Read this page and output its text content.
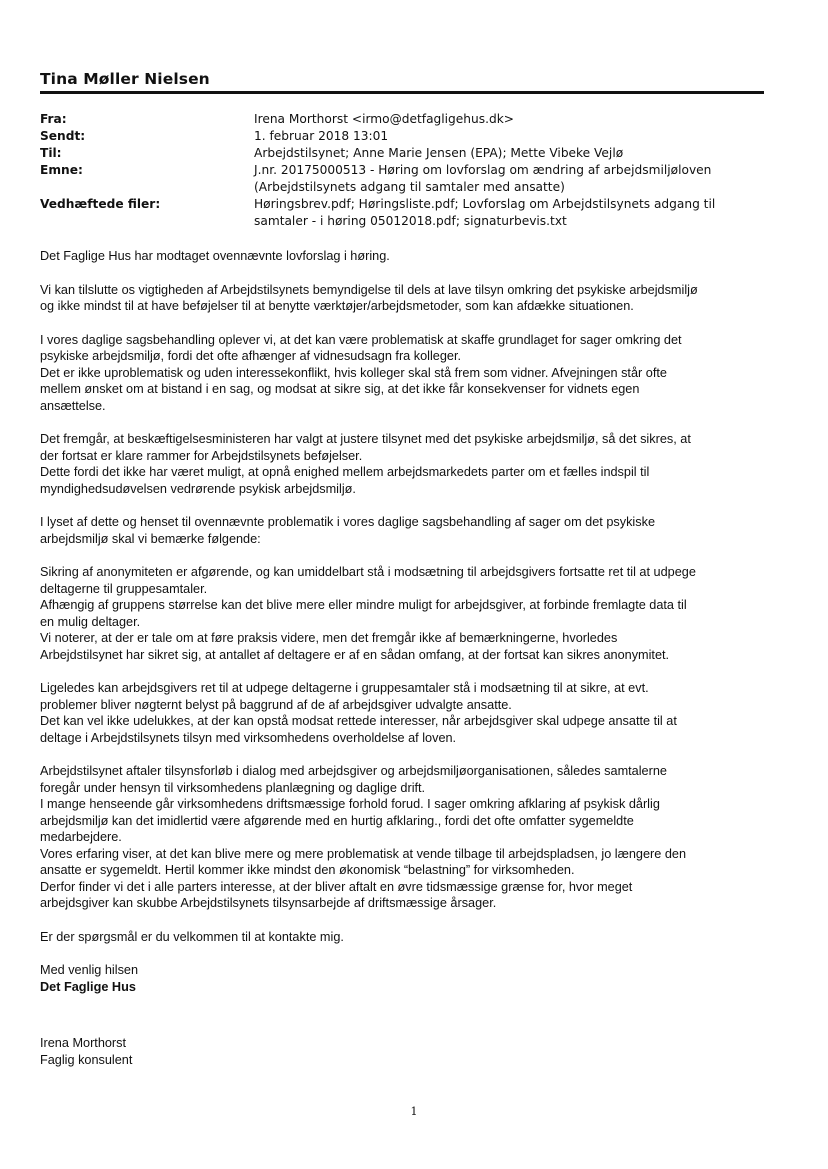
Tina Møller Nielsen
Fra:	Irena Morthorst <irmo@detfagligehus.dk>
Sendt:	1. februar 2018 13:01
Til:	Arbejdstilsynet; Anne Marie Jensen (EPA); Mette Vibeke Vejlø
Emne:	J.nr. 20175000513 - Høring om lovforslag om ændring af arbejdsmiljøloven
(Arbejdstilsynets adgang til samtaler med ansatte)
Vedhæftede filer:	Høringsbrev.pdf; Høringsliste.pdf; Lovforslag om Arbejdstilsynets adgang til
samtaler - i høring 05012018.pdf; signaturbevis.txt

Det Faglige Hus har modtaget ovennævnte lovforslag i høring.

Vi kan tilslutte os vigtigheden af Arbejdstilsynets bemyndigelse til dels at lave tilsyn omkring det psykiske arbejdsmiljø
og ikke mindst til at have beføjelser til at benytte værktøjer/arbejdsmetoder, som kan afdække situationen.

I vores daglige sagsbehandling oplever vi, at det kan være problematisk at skaffe grundlaget for sager omkring det
psykiske arbejdsmiljø, fordi det ofte afhænger af vidnesudsagn fra kolleger.
Det er ikke uproblematisk og uden interessekonflikt, hvis kolleger skal stå frem som vidner. Afvejningen står ofte
mellem ønsket om at bistand i en sag, og modsat at sikre sig, at det ikke får konsekvenser for vidnets egen
ansættelse.

Det fremgår, at beskæftigelsesministeren har valgt at justere tilsynet med det psykiske arbejdsmiljø, så det sikres, at
der fortsat er klare rammer for Arbejdstilsynets beføjelser.
Dette fordi det ikke har været muligt, at opnå enighed mellem arbejdsmarkedets parter om et fælles indspil til
myndighedsudøvelsen vedrørende psykisk arbejdsmiljø.

I lyset af dette og henset til ovennævnte problematik i vores daglige sagsbehandling af sager om det psykiske
arbejdsmiljø skal vi bemærke følgende:

Sikring af anonymiteten er afgørende, og kan umiddelbart stå i modsætning til arbejdsgivers fortsatte ret til at udpege
deltagerne til gruppesamtaler.
Afhængig af gruppens størrelse kan det blive mere eller mindre muligt for arbejdsgiver, at forbinde fremlagte data til
en mulig deltager.
Vi noterer, at der er tale om at føre praksis videre, men det fremgår ikke af bemærkningerne, hvorledes
Arbejdstilsynet har sikret sig, at antallet af deltagere er af en sådan omfang, at der fortsat kan sikres anonymitet.

Ligeledes kan arbejdsgivers ret til at udpege deltagerne i gruppesamtaler stå i modsætning til at sikre, at evt.
problemer bliver nøgternt belyst på baggrund af de af arbejdsgiver udvalgte ansatte.
Det kan vel ikke udelukkes, at der kan opstå modsat rettede interesser, når arbejdsgiver skal udpege ansatte til at
deltage i Arbejdstilsynets tilsyn med virksomhedens overholdelse af loven.

Arbejdstilsynet aftaler tilsynsforløb i dialog med arbejdsgiver og arbejdsmiljøorganisationen, således samtalerne
foregår under hensyn til virksomhedens planlægning og daglige drift.
I mange henseende går virksomhedens driftsmæssige forhold forud. I sager omkring afklaring af psykisk dårlig
arbejdsmiljø kan det imidlertid være afgørende med en hurtig afklaring., fordi det ofte omfatter sygemeldte
medarbejdere.
Vores erfaring viser, at det kan blive mere og mere problematisk at vende tilbage til arbejdspladsen, jo længere den
ansatte er sygemeldt. Hertil kommer ikke mindst den økonomisk “belastning” for virksomheden.
Derfor finder vi det i alle parters interesse, at der bliver aftalt en øvre tidsmæssige grænse for, hvor meget
arbejdsgiver kan skubbe Arbejdstilsynets tilsynsarbejde af driftsmæssige årsager.

Er der spørgsmål er du velkommen til at kontakte mig.

Med venlig hilsen
Det Faglige Hus
Irena Morthorst
Faglig konsulent
1
